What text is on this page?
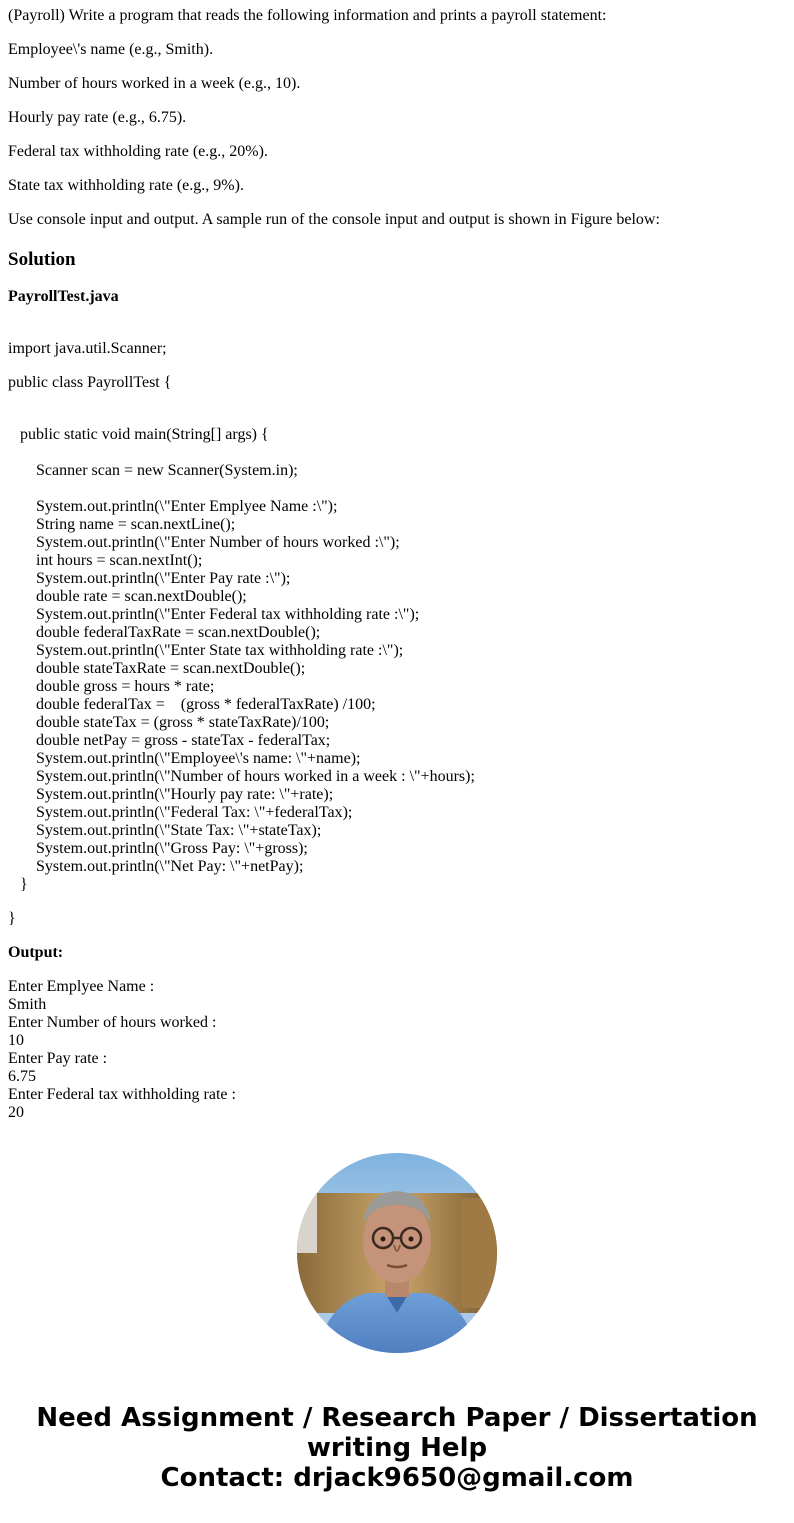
(Payroll) Write a program that reads the following information and prints a payroll statement:
Employee\'s name (e.g., Smith).
Number of hours worked in a week (e.g., 10).
Hourly pay rate (e.g., 6.75).
Federal tax withholding rate (e.g., 20%).
State tax withholding rate (e.g., 9%).
Use console input and output. A sample run of the console input and output is shown in Figure below:
Solution
PayrollTest.java
import java.util.Scanner;
public class PayrollTest {
public static void main(String[] args) {
Scanner scan = new Scanner(System.in);
System.out.println(\"Enter Emplyee Name :\");
String name = scan.nextLine();
System.out.println(\"Enter Number of hours worked :\");
int hours = scan.nextInt();
System.out.println(\"Enter Pay rate :\");
double rate = scan.nextDouble();
System.out.println(\"Enter Federal tax withholding rate :\");
double federalTaxRate = scan.nextDouble();
System.out.println(\"Enter State tax withholding rate :\");
double stateTaxRate = scan.nextDouble();
double gross = hours * rate;
double federalTax =    (gross * federalTaxRate) /100;
double stateTax = (gross * stateTaxRate)/100;
double netPay = gross - stateTax - federalTax;
System.out.println(\"Employee\'s name: \"+name);
System.out.println(\"Number of hours worked in a week : \"+hours);
System.out.println(\"Hourly pay rate: \"+rate);
System.out.println(\"Federal Tax: \"+federalTax);
System.out.println(\"State Tax: \"+stateTax);
System.out.println(\"Gross Pay: \"+gross);
System.out.println(\"Net Pay: \"+netPay);
}
}
Output:
Enter Emplyee Name :
Smith
Enter Number of hours worked :
10
Enter Pay rate :
6.75
Enter Federal tax withholding rate :
20
Need Assignment / Research Paper / Dissertation
writing Help
Contact: drjack9650@gmail.com
